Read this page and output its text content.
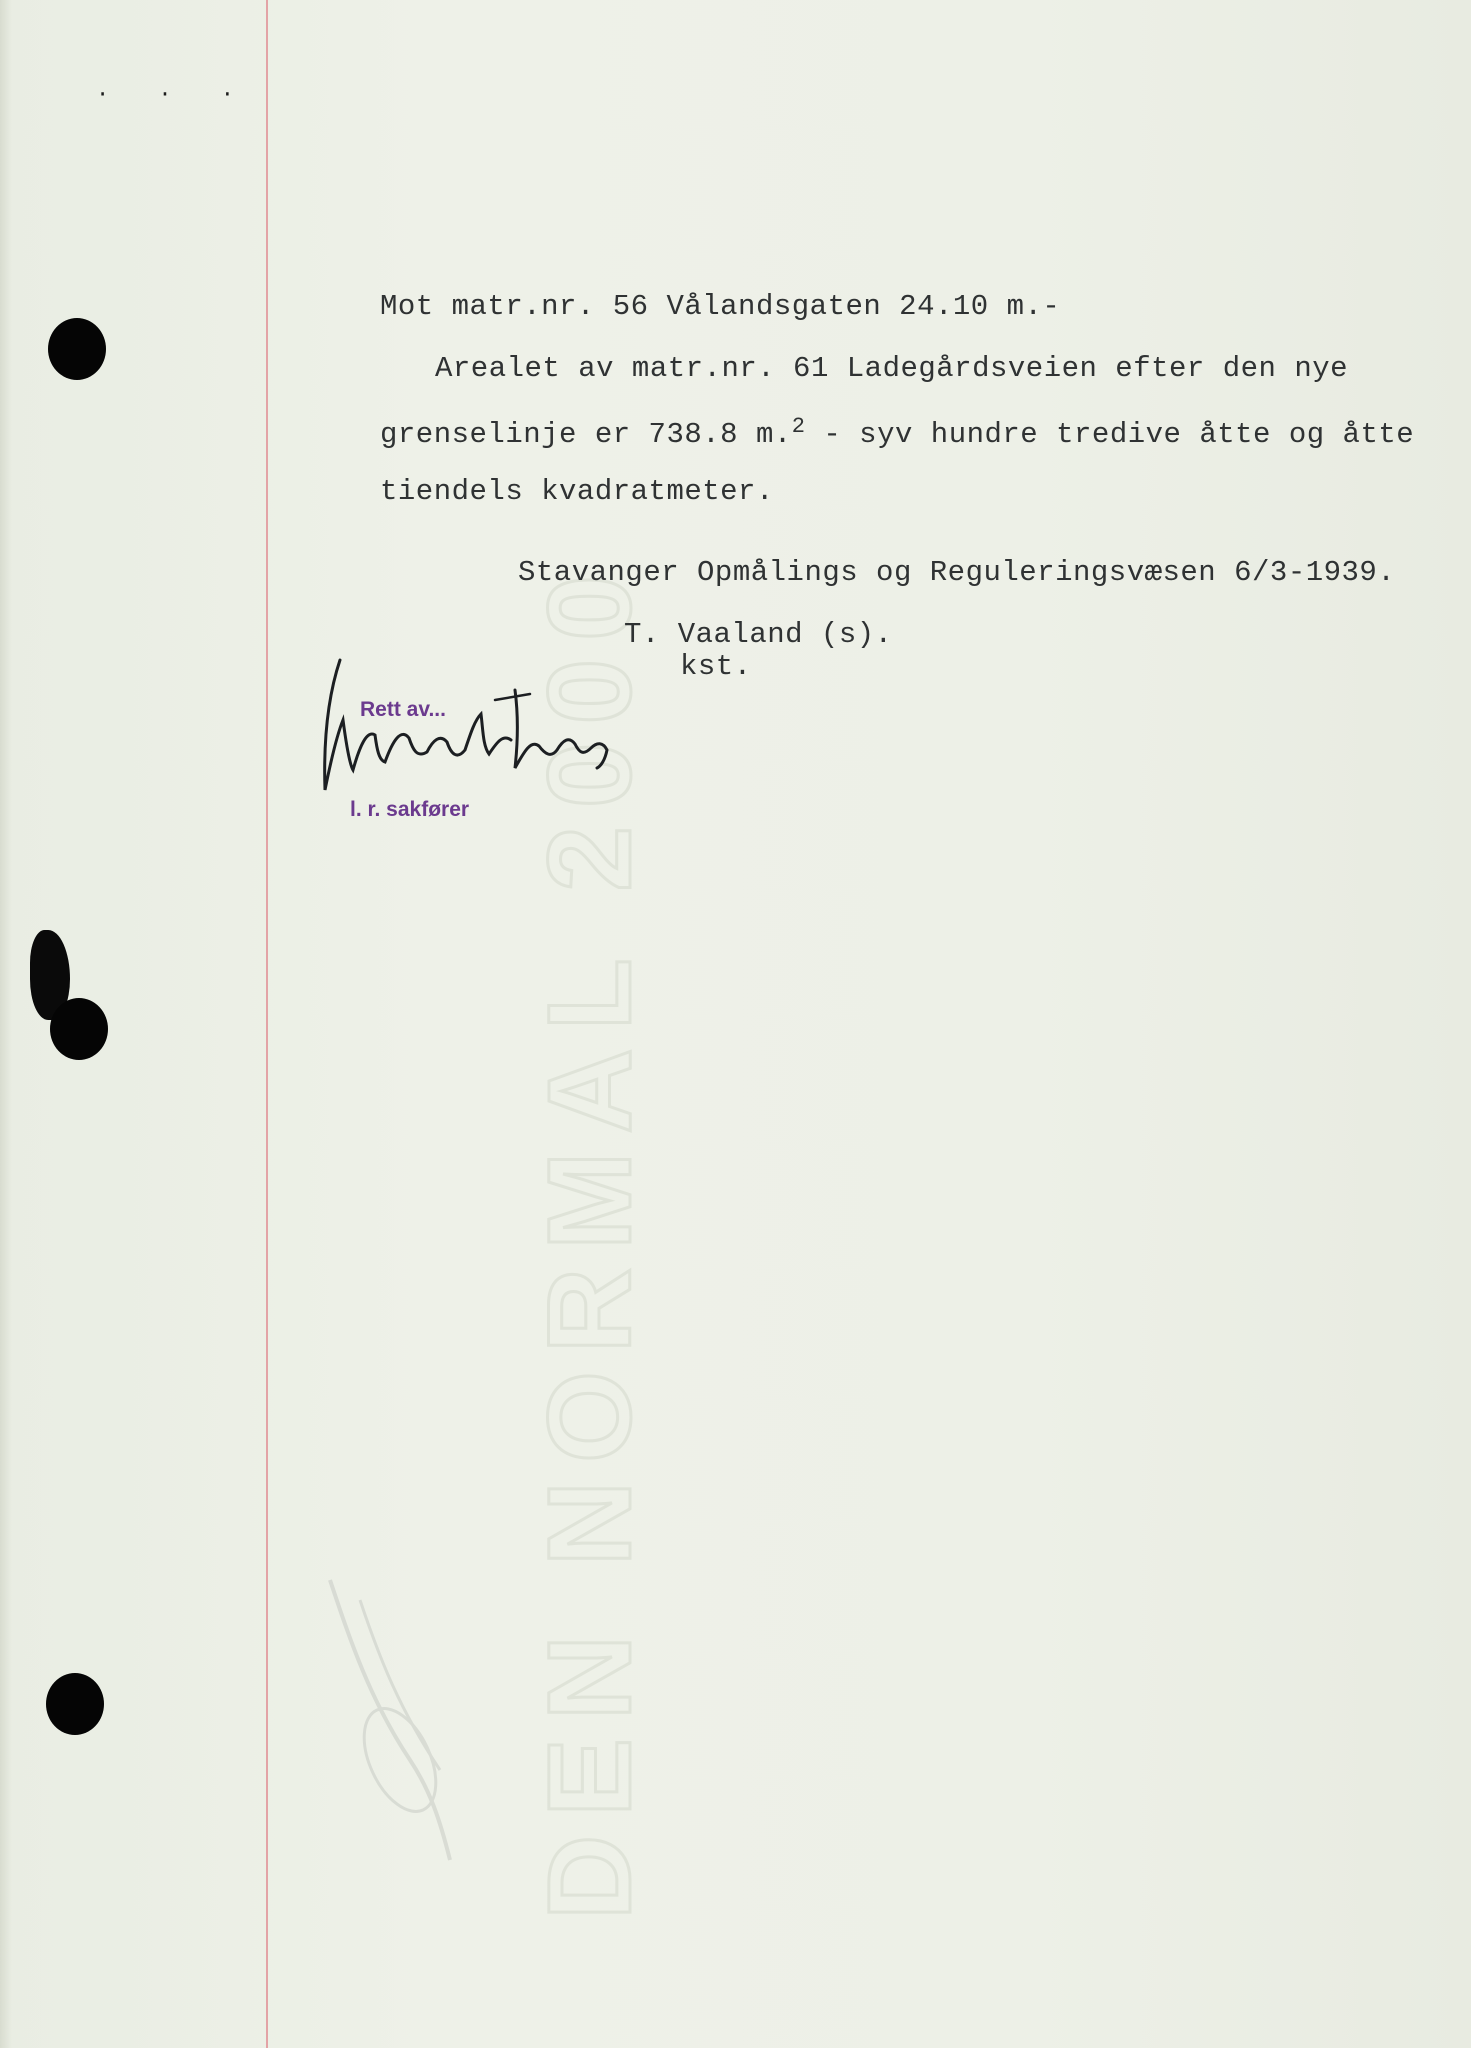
· · ·
DEN NORMAL 2000
Mot matr.nr. 56 Vålandsgaten 24.10 m.-
Arealet av matr.nr. 61 Ladegårdsveien efter den nye
grenselinje er 738.8 m.$^2$ - syv hundre tredive åtte og åtte
tiendels kvadratmeter.
Stavanger Opmålings og Reguleringsvæsen 6/3-1939.
T. Vaaland (s).
kst.
Rett av...
l. r. sakfører
